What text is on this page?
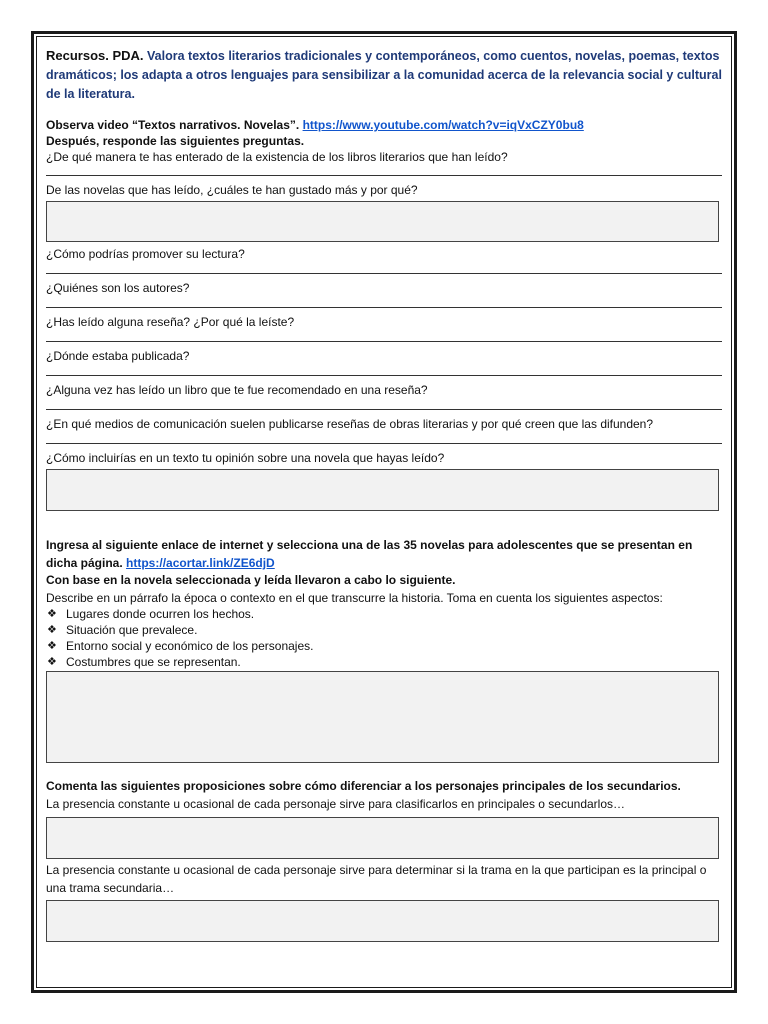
Recursos. PDA. Valora textos literarios tradicionales y contemporáneos, como cuentos, novelas, poemas, textos dramáticos; los adapta a otros lenguajes para sensibilizar a la comunidad acerca de la relevancia social y cultural de la literatura.
Observa video “Textos narrativos. Novelas”. https://www.youtube.com/watch?v=iqVxCZY0bu8
Después, responde las siguientes preguntas.
¿De qué manera te has enterado de la existencia de los libros literarios que han leído?
De las novelas que has leído, ¿cuáles te han gustado más y por qué?
¿Cómo podrías promover su lectura?
¿Quiénes son los autores?
¿Has leído alguna reseña? ¿Por qué la leíste?
¿Dónde estaba publicada?
¿Alguna vez has leído un libro que te fue recomendado en una reseña?
¿En qué medios de comunicación suelen publicarse reseñas de obras literarias y por qué creen que las difunden?
¿Cómo incluirías en un texto tu opinión sobre una novela que hayas leído?
Ingresa al siguiente enlace de internet y selecciona una de las 35 novelas para adolescentes que se presentan en dicha página. https://acortar.link/ZE6djD
Con base en la novela seleccionada y leída llevaron a cabo lo siguiente.
Describe en un párrafo la época o contexto en el que transcurre la historia. Toma en cuenta los siguientes aspectos:
❖ Lugares donde ocurren los hechos.
❖ Situación que prevalece.
❖ Entorno social y económico de los personajes.
❖ Costumbres que se representan.
Comenta las siguientes proposiciones sobre cómo diferenciar a los personajes principales de los secundarios.
La presencia constante u ocasional de cada personaje sirve para clasificarlos en principales o secundarlos…
La presencia constante u ocasional de cada personaje sirve para determinar si la trama en la que participan es la principal o una trama secundaria…
